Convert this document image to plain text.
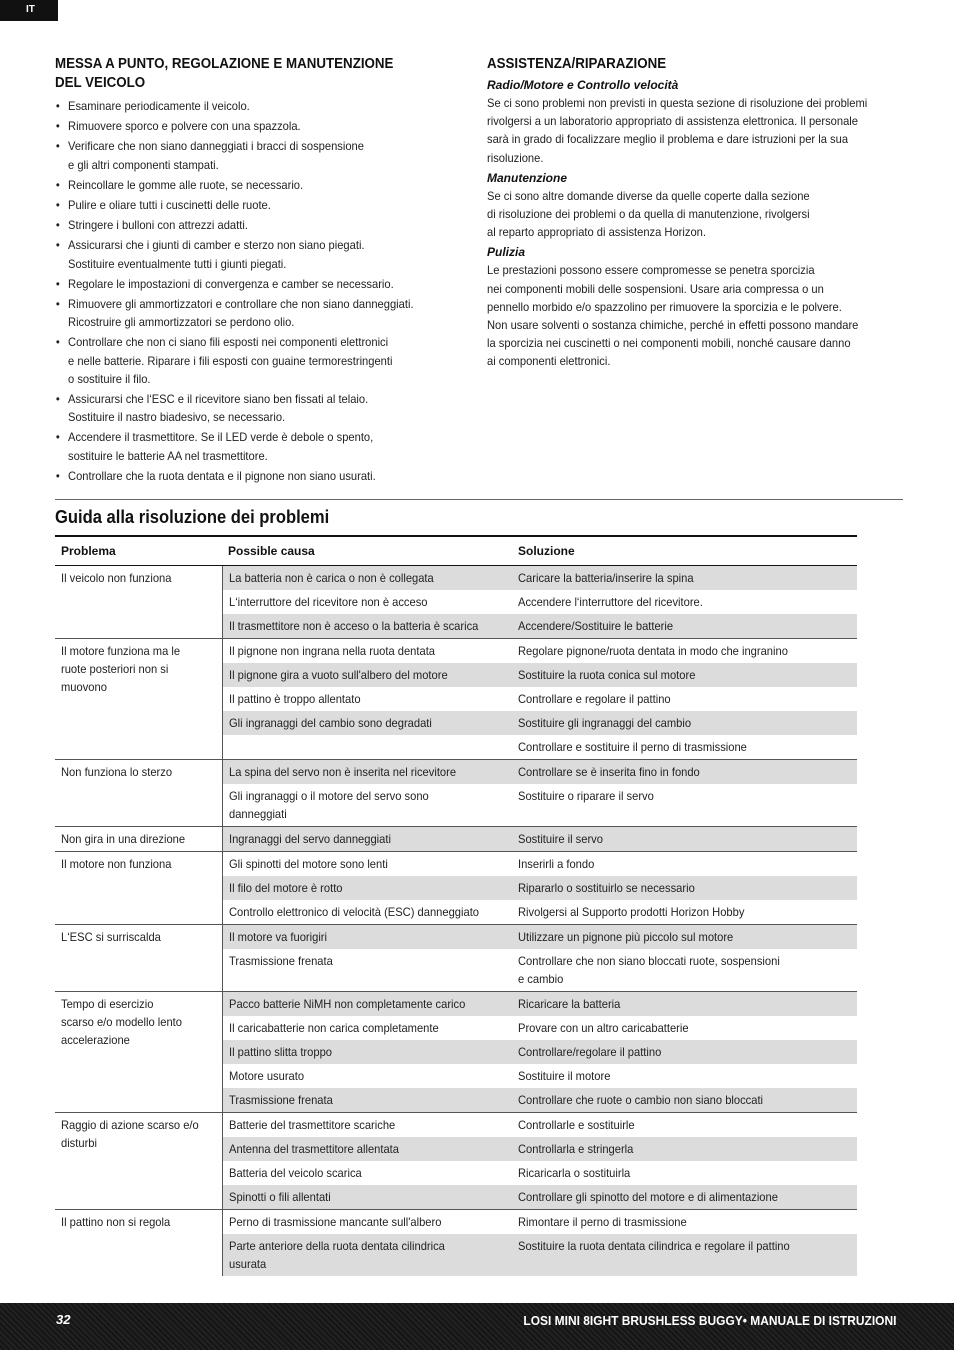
IT
MESSA A PUNTO, REGOLAZIONE E MANUTENZIONE
DEL VEICOLO
• Esaminare periodicamente il veicolo.
• Rimuovere sporco e polvere con una spazzola.
• Verificare che non siano danneggiati i bracci di sospensione
e gli altri componenti stampati.
• Reincollare le gomme alle ruote, se necessario.
• Pulire e oliare tutti i cuscinetti delle ruote.
• Stringere i bulloni con attrezzi adatti.
• Assicurarsi che i giunti di camber e sterzo non siano piegati.
Sostituire eventualmente tutti i giunti piegati.
• Regolare le impostazioni di convergenza e camber se necessario.
• Rimuovere gli ammortizzatori e controllare che non siano danneggiati.
Ricostruire gli ammortizzatori se perdono olio.
• Controllare che non ci siano fili esposti nei componenti elettronici
e nelle batterie. Riparare i fili esposti con guaine termorestringenti
o sostituire il filo.
• Assicurarsi che l‘ESC e il ricevitore siano ben fissati al telaio.
Sostituire il nastro biadesivo, se necessario.
• Accendere il trasmettitore. Se il LED verde è debole o spento,
sostituire le batterie AA nel trasmettitore.
• Controllare che la ruota dentata e il pignone non siano usurati.
ASSISTENZA/RIPARAZIONE
Radio/Motore e Controllo velocità
Se ci sono problemi non previsti in questa sezione di risoluzione dei problemi
rivolgersi a un laboratorio appropriato di assistenza elettronica. Il personale
sarà in grado di focalizzare meglio il problema e dare istruzioni per la sua
risoluzione.
Manutenzione
Se ci sono altre domande diverse da quelle coperte dalla sezione
di risoluzione dei problemi o da quella di manutenzione, rivolgersi
al reparto appropriato di assistenza Horizon.
Pulizia
Le prestazioni possono essere compromesse se penetra sporcizia
nei componenti mobili delle sospensioni. Usare aria compressa o un
pennello morbido e/o spazzolino per rimuovere la sporcizia e le polvere.
Non usare solventi o sostanza chimiche, perché in effetti possono mandare
la sporcizia nei cuscinetti o nei componenti mobili, nonché causare danno
ai componenti elettronici.
Guida alla risoluzione dei problemi
Problema	Possible causa	Soluzione
Il veicolo non funziona	La batteria non è carica o non è collegata	Caricare la batteria/inserire la spina
	L‘interruttore del ricevitore non è acceso	Accendere l‘interruttore del ricevitore.
	Il trasmettitore non è acceso o la batteria è scarica	Accendere/Sostituire le batterie
Il motore funziona ma le
ruote posteriori non si
muovono	Il pignone non ingrana nella ruota dentata	Regolare pignone/ruota dentata in modo che ingranino
	Il pignone gira a vuoto sull'albero del motore	Sostituire la ruota conica sul motore
	Il pattino è troppo allentato	Controllare e regolare il pattino
	Gli ingranaggi del cambio sono degradati	Sostituire gli ingranaggi del cambio
		Controllare e sostituire il perno di trasmissione
Non funziona lo sterzo	La spina del servo non è inserita nel ricevitore	Controllare se è inserita fino in fondo
	Gli ingranaggi o il motore del servo sono
danneggiati	Sostituire o riparare il servo
Non gira in una direzione	Ingranaggi del servo danneggiati	Sostituire il servo
Il motore non funziona	Gli spinotti del motore sono lenti	Inserirli a fondo
	Il filo del motore è rotto	Ripararlo o sostituirlo se necessario
	Controllo elettronico di velocità (ESC) danneggiato	Rivolgersi al Supporto prodotti Horizon Hobby
L‘ESC si surriscalda	Il motore va fuorigiri	Utilizzare un pignone più piccolo sul motore
	Trasmissione frenata	Controllare che non siano bloccati ruote, sospensioni
e cambio
Tempo di esercizio
scarso e/o modello lento
accelerazione	Pacco batterie NiMH non completamente carico	Ricaricare la batteria
	Il caricabatterie non carica completamente	Provare con un altro caricabatterie
	Il pattino slitta troppo	Controllare/regolare il pattino
	Motore usurato	Sostituire il motore
	Trasmissione frenata	Controllare che ruote o cambio non siano bloccati
Raggio di azione scarso e/o
disturbi	Batterie del trasmettitore scariche	Controllarle e sostituirle
	Antenna del trasmettitore allentata	Controllarla e stringerla
	Batteria del veicolo scarica	Ricaricarla o sostituirla
	Spinotti o fili allentati	Controllare gli spinotto del motore e di alimentazione
Il pattino non si regola	Perno di trasmissione mancante sull'albero	Rimontare il perno di trasmissione
	Parte anteriore della ruota dentata cilindrica
usurata	Sostituire la ruota dentata cilindrica e regolare il pattino
32	LOSI MINI 8IGHT BRUSHLESS BUGGY• MANUALE DI ISTRUZIONI
